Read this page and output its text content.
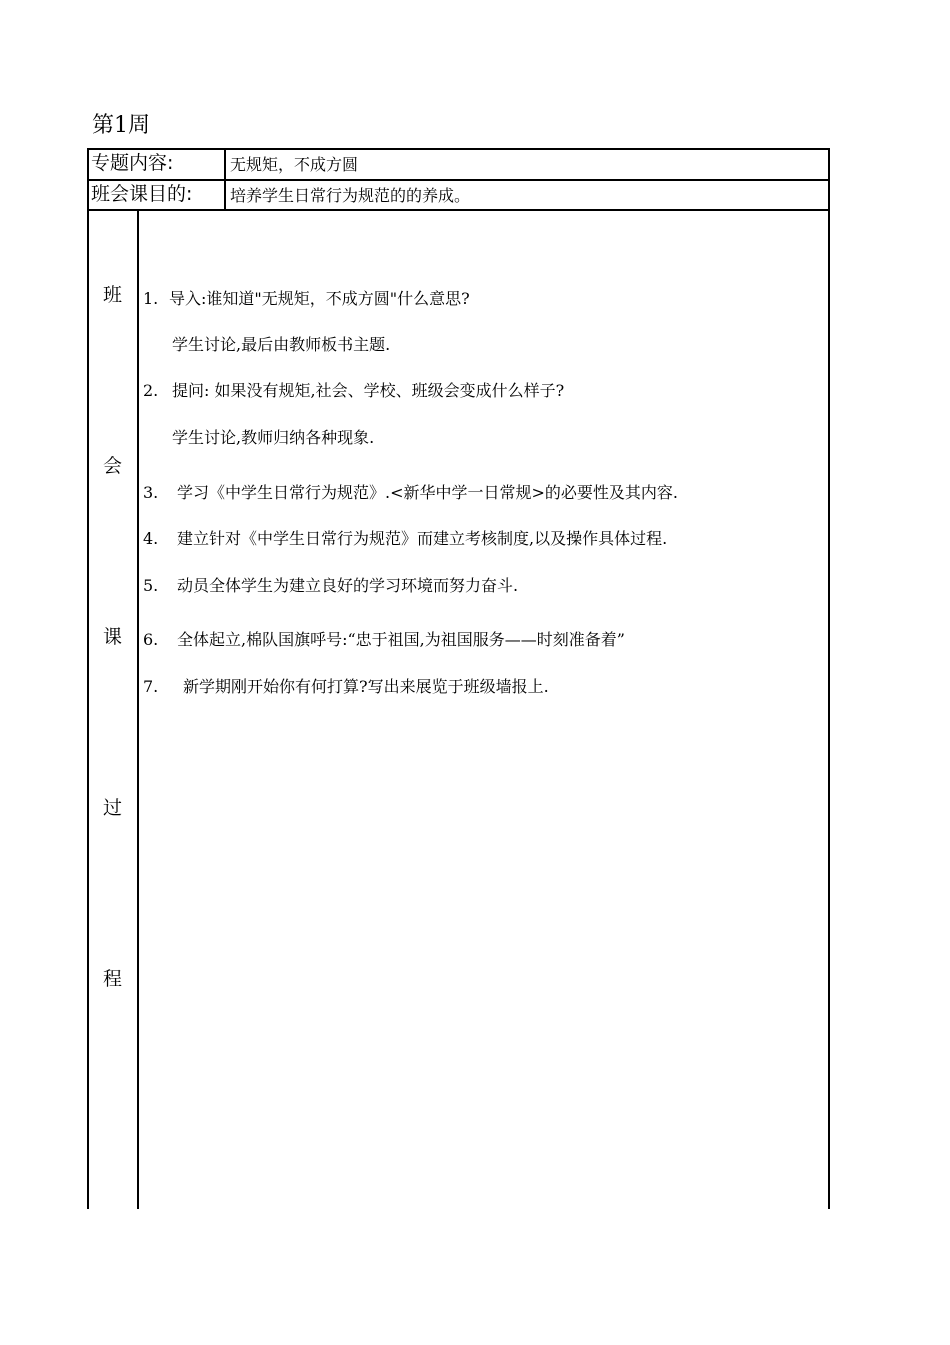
第1周
专题内容:	无规矩，不成方圆
班会课目的: 培养学生日常行为规范的的养成。
班
会
课
过
程
1. 导入:谁知道"无规矩，不成方圆"什么意思?
学生讨论,最后由教师板书主题.
2. 提问: 如果没有规矩,社会、学校、班级会变成什么样子?
学生讨论,教师归纳各种现象.
3. 学习《中学生日常行为规范》.<新华中学一日常规>的必要性及其内容.
4. 建立针对《中学生日常行为规范》而建立考核制度,以及操作具体过程.
5. 动员全体学生为建立良好的学习环境而努力奋斗.
6. 全体起立,棉队国旗呼号:“忠于祖国,为祖国服务——时刻准备着”
7. 新学期刚开始你有何打算?写出来展览于班级墙报上.
